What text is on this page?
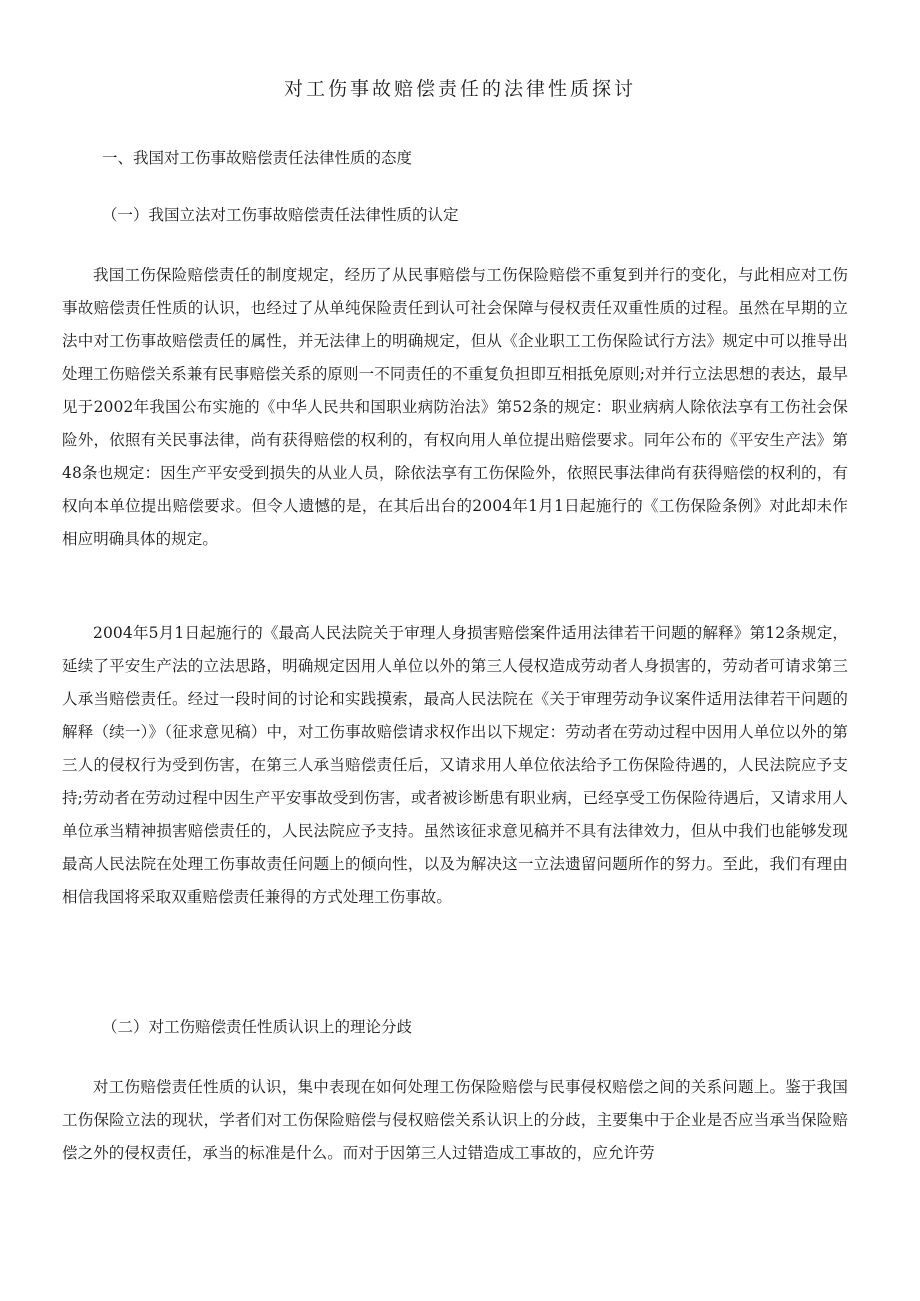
对工伤事故赔偿责任的法律性质探讨
一、我国对工伤事故赔偿责任法律性质的态度
（一）我国立法对工伤事故赔偿责任法律性质的认定

我国工伤保险赔偿责任的制度规定，经历了从民事赔偿与工伤保险赔偿不重复到并行的变化，与此相应对工伤事故赔偿责任性质的认识，也经过了从单纯保险责任到认可社会保障与侵权责任双重性质的过程。虽然在早期的立法中对工伤事故赔偿责任的属性，并无法律上的明确规定，但从《企业职工工伤保险试行方法》规定中可以推导出处理工伤赔偿关系兼有民事赔偿关系的原则一不同责任的不重复负担即互相抵免原则;对并行立法思想的表达，最早见于2002年我国公布实施的《中华人民共和国职业病防治法》第52条的规定：职业病病人除依法享有工伤社会保险外，依照有关民事法律，尚有获得赔偿的权利的，有权向用人单位提出赔偿要求。同年公布的《平安生产法》第48条也规定：因生产平安受到损失的从业人员，除依法享有工伤保险外，依照民事法律尚有获得赔偿的权利的，有权向本单位提出赔偿要求。但令人遗憾的是，在其后出台的2004年1月1日起施行的《工伤保险条例》对此却未作相应明确具体的规定。

2004年5月1日起施行的《最高人民法院关于审理人身损害赔偿案件适用法律若干问题的解释》第12条规定，延续了平安生产法的立法思路，明确规定因用人单位以外的第三人侵权造成劳动者人身损害的，劳动者可请求第三人承当赔偿责任。经过一段时间的讨论和实践摸索，最高人民法院在《关于审理劳动争议案件适用法律若干问题的解释（续一）》（征求意见稿）中，对工伤事故赔偿请求权作出以下规定：劳动者在劳动过程中因用人单位以外的第三人的侵权行为受到伤害，在第三人承当赔偿责任后，又请求用人单位依法给予工伤保险待遇的，人民法院应予支持;劳动者在劳动过程中因生产平安事故受到伤害，或者被诊断患有职业病，已经享受工伤保险待遇后，又请求用人单位承当精神损害赔偿责任的，人民法院应予支持。虽然该征求意见稿并不具有法律效力，但从中我们也能够发现最高人民法院在处理工伤事故责任问题上的倾向性，以及为解决这一立法遗留问题所作的努力。至此，我们有理由相信我国将采取双重赔偿责任兼得的方式处理工伤事故。

（二）对工伤赔偿责任性质认识上的理论分歧

对工伤赔偿责任性质的认识，集中表现在如何处理工伤保险赔偿与民事侵权赔偿之间的关系问题上。鉴于我国工伤保险立法的现状，学者们对工伤保险赔偿与侵权赔偿关系认识上的分歧，主要集中于企业是否应当承当保险赔偿之外的侵权责任，承当的标准是什么。而对于因第三人过错造成工事故的，应允许劳
